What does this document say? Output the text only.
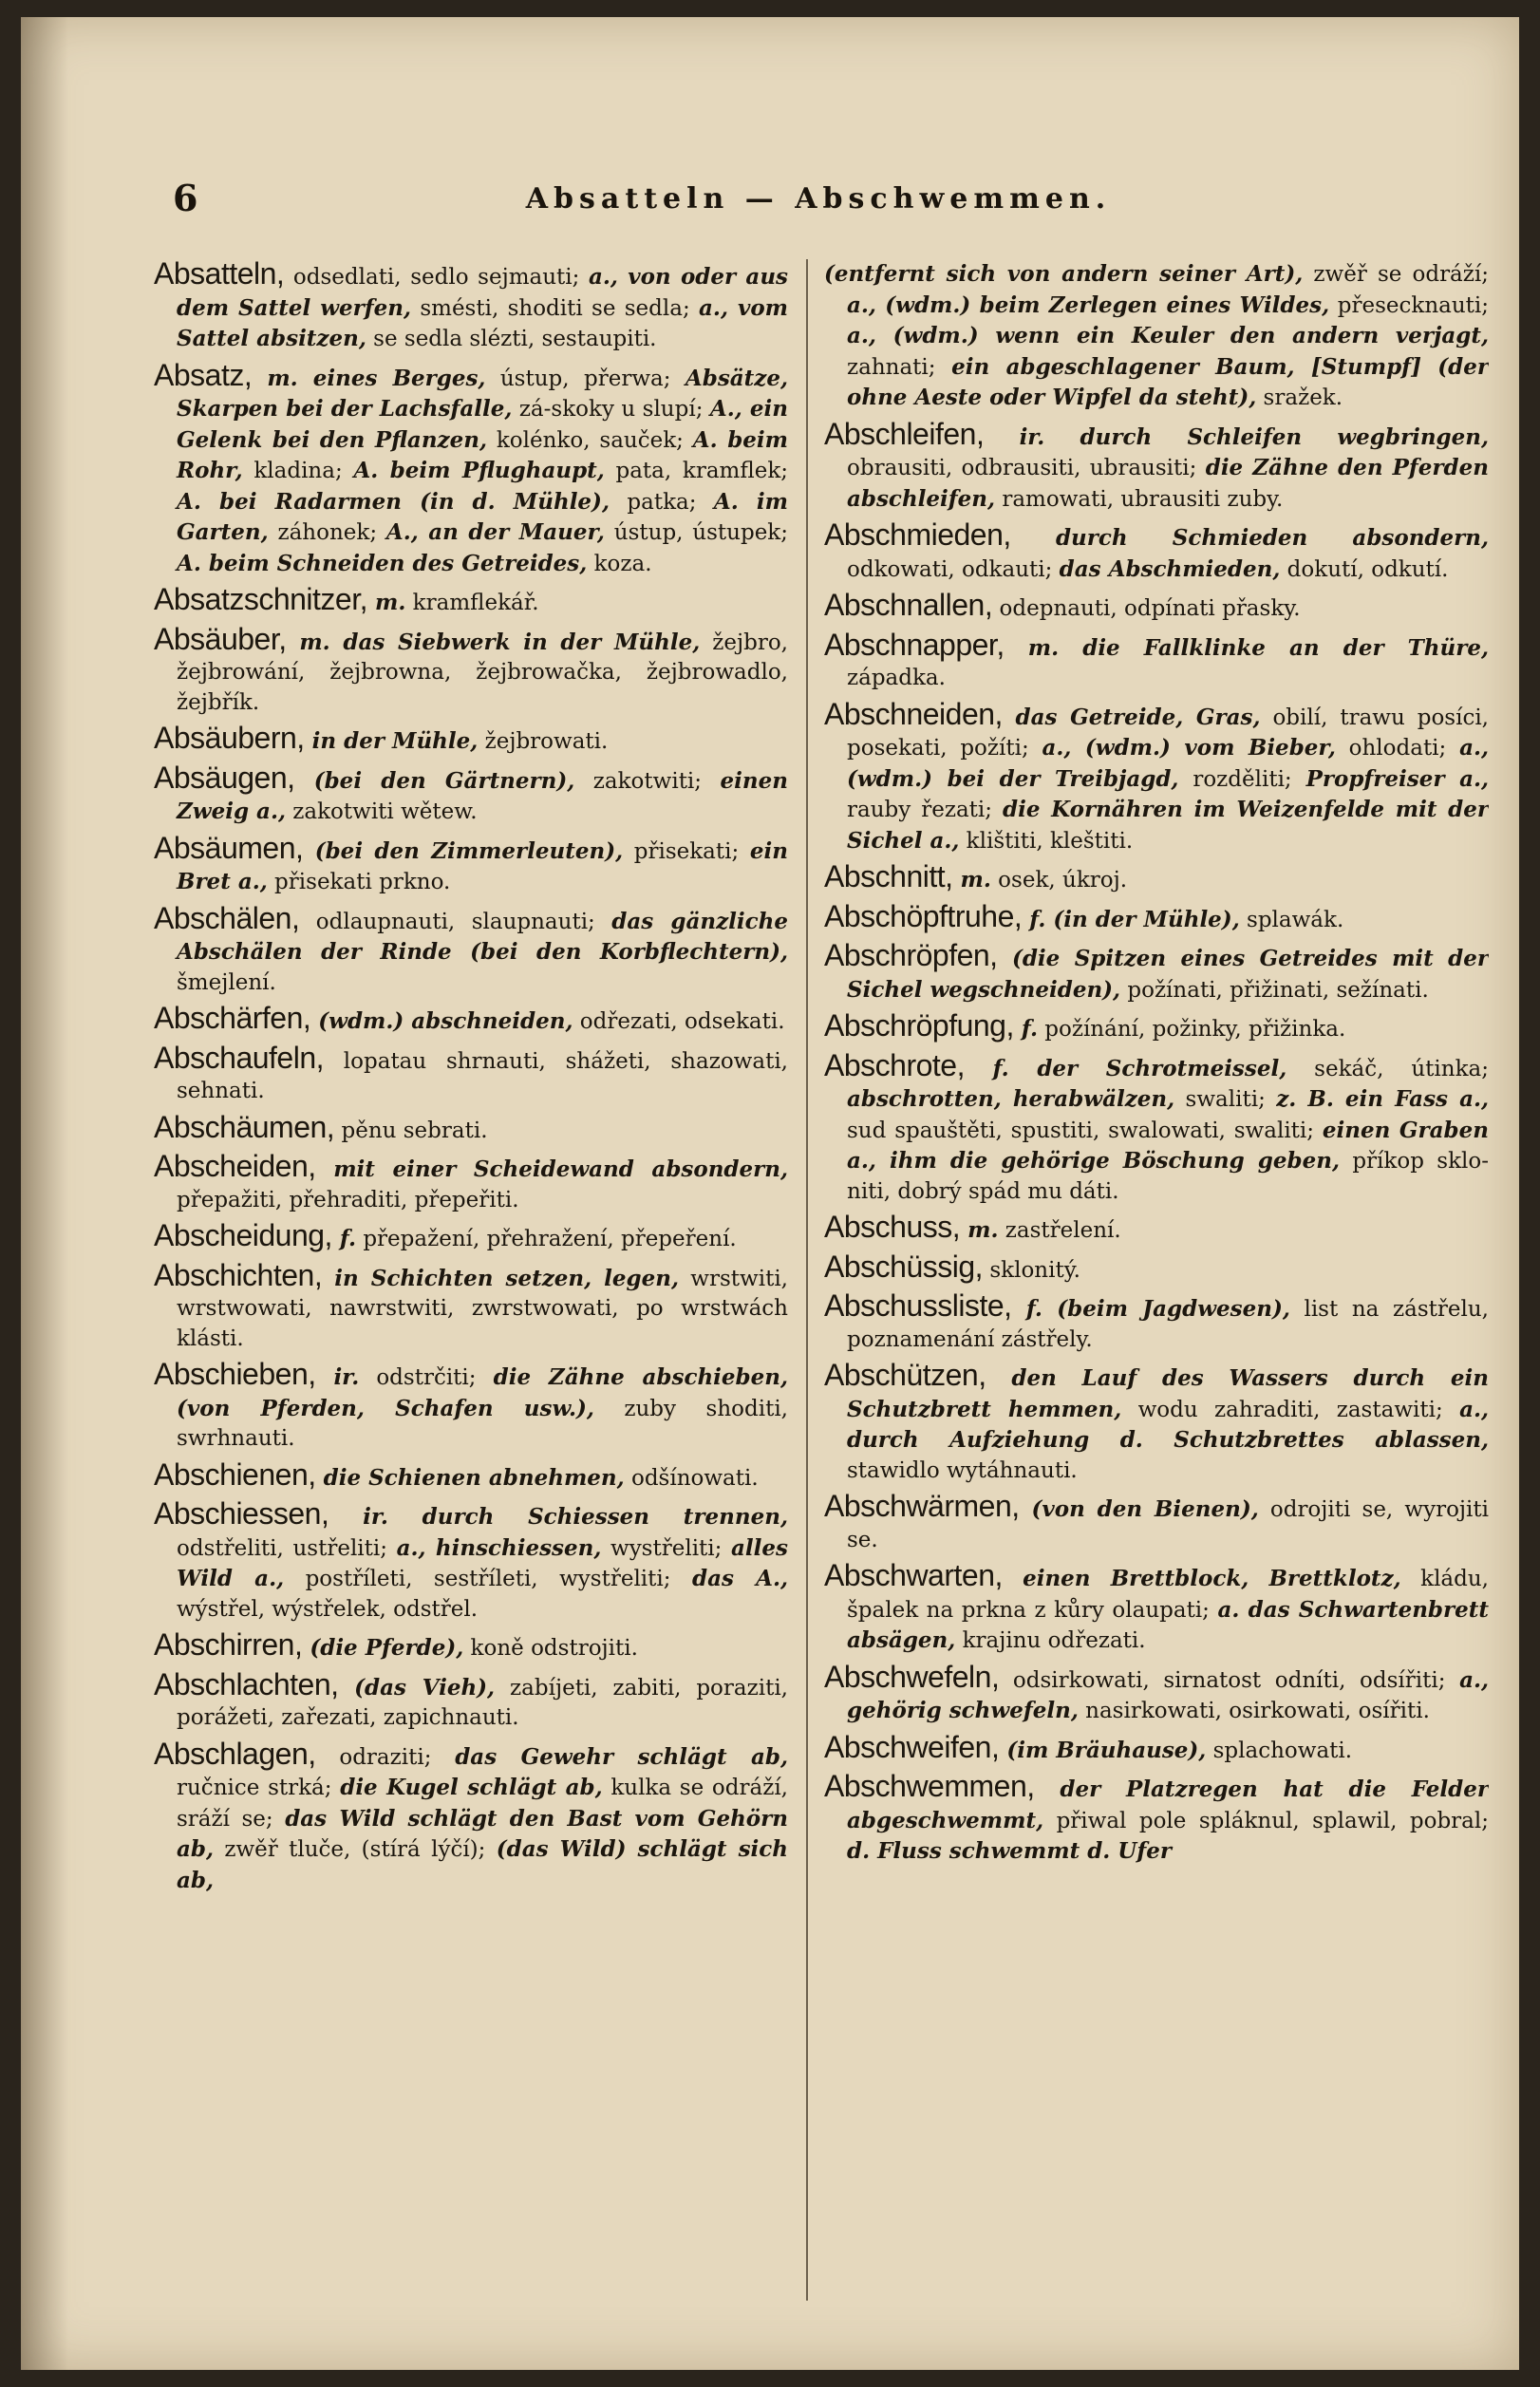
6	Absatteln — Abschwemmen.

Absatteln, odsedlati, sedlo sejmauti; a., von oder aus dem Sattel werfen, smésti, shoditi se sedla; a., vom Sattel absitzen, se sedla slézti, sestaupiti.

Absatz, m. eines Berges, ústup, přerwa; Absätze, Skarpen bei der Lachsfalle, zá-skoky u slupí; A., ein Gelenk bei den Pflanzen, kolénko, sauček; A. beim Rohr, kladina; A. beim Pflughaupt, pata, kramflek; A. bei Radarmen (in d. Mühle), patka; A. im Garten, záhonek; A., an der Mauer, ústup, ústupek; A. beim Schneiden des Getreides, koza.

Absatzschnitzer, m. kramflekář.

Absäuber, m. das Siebwerk in der Mühle, žejbro, žejbrowání, žejbrowna, žejbrowačka, žejbrowadlo, žejbřík.

Absäubern, in der Mühle, žejbrowati.

Absäugen, (bei den Gärtnern), zakotwiti; einen Zweig a., zakotwiti wětew.

Absäumen, (bei den Zimmerleuten), přisekati; ein Bret a., přisekati prkno.

Abschälen, odlaupnauti, slaupnauti; das gänzliche Abschälen der Rinde (bei den Korbflechtern), šmejlení.

Abschärfen, (wdm.) abschneiden, odřezati, odsekati.

Abschaufeln, lopatau shrnauti, shážeti, shazowati, sehnati.

Abschäumen, pěnu sebrati.

Abscheiden, mit einer Scheidewand absondern, přepažiti, přehraditi, přepeřiti.

Abscheidung, f. přepažení, přehražení, přepeření.

Abschichten, in Schichten setzen, legen, wrstwiti, wrstwowati, nawrstwiti, zwrstwowati, po wrstwách klásti.

Abschieben, ir. odstrčiti; die Zähne abschieben, (von Pferden, Schafen usw.), zuby shoditi, swrhnauti.

Abschienen, die Schienen abnehmen, odšínowati.

Abschiessen, ir. durch Schiessen trennen, odstřeliti, ustřeliti; a., hinschiessen, wystřeliti; alles Wild a., postříleti, sestříleti, wystřeliti; das A., wýstřel, wýstřelek, odstřel.

Abschirren, (die Pferde), koně odstrojiti.

Abschlachten, (das Vieh), zabíjeti, zabiti, poraziti, porážeti, zařezati, zapichnauti.

Abschlagen, odraziti; das Gewehr schlägt ab, ručnice strká; die Kugel schlägt ab, kulka se odráží, sráží se; das Wild schlägt den Bast vom Gehörn ab, zwěř tluče, (stírá lýčí); (das Wild) schlägt sich ab,

(entfernt sich von andern seiner Art), zwěř se odráží; a., (wdm.) beim Zerlegen eines Wildes, přesecknauti; a., (wdm.) wenn ein Keuler den andern verjagt, zahnati; ein abgeschlagener Baum, [Stumpf] (der ohne Aeste oder Wipfel da steht), sražek.

Abschleifen, ir. durch Schleifen wegbringen, obrausiti, odbrausiti, ubrausiti; die Zähne den Pferden abschleifen, ramowati, ubrausiti zuby.

Abschmieden, durch Schmieden absondern, odkowati, odkauti; das Abschmieden, dokutí, odkutí.

Abschnallen, odepnauti, odpínati přasky.

Abschnapper, m. die Fallklinke an der Thüre, západka.

Abschneiden, das Getreide, Gras, obilí, trawu posíci, posekati, požíti; a., (wdm.) vom Bieber, ohlodati; a., (wdm.) bei der Treibjagd, rozděliti; Propfreiser a., rauby řezati; die Kornähren im Weizenfelde mit der Sichel a., klištiti, kleštiti.

Abschnitt, m. osek, úkroj.

Abschöpftruhe, f. (in der Mühle), splawák.

Abschröpfen, (die Spitzen eines Getreides mit der Sichel wegschneiden), požínati, přižinati, sežínati.

Abschröpfung, f. požínání, požinky, přižinka.

Abschrote, f. der Schrotmeissel, sekáč, útinka; abschrotten, herabwälzen, swaliti; z. B. ein Fass a., sud spauštěti, spustiti, swalowati, swaliti; einen Graben a., ihm die gehörige Böschung geben, příkop sklo-niti, dobrý spád mu dáti.

Abschuss, m. zastřelení.

Abschüssig, sklonitý.

Abschussliste, f. (beim Jagdwesen), list na zástřelu, poznamenání zástřely.

Abschützen, den Lauf des Wassers durch ein Schutzbrett hemmen, wodu zahraditi, zastawiti; a., durch Aufziehung d. Schutzbrettes ablassen, stawidlo wytáhnauti.

Abschwärmen, (von den Bienen), odrojiti se, wyrojiti se.

Abschwarten, einen Brettblock, Brettklotz, kládu, špalek na prkna z kůry olaupati; a. das Schwartenbrett absägen, krajinu odřezati.

Abschwefeln, odsirkowati, sirnatost odníti, odsířiti; a., gehörig schwefeln, nasirkowati, osirkowati, osířiti.

Abschweifen, (im Bräuhause), splachowati.

Abschwemmen, der Platzregen hat die Felder abgeschwemmt, přiwal pole spláknul, splawil, pobral; d. Fluss schwemmt d. Ufer
